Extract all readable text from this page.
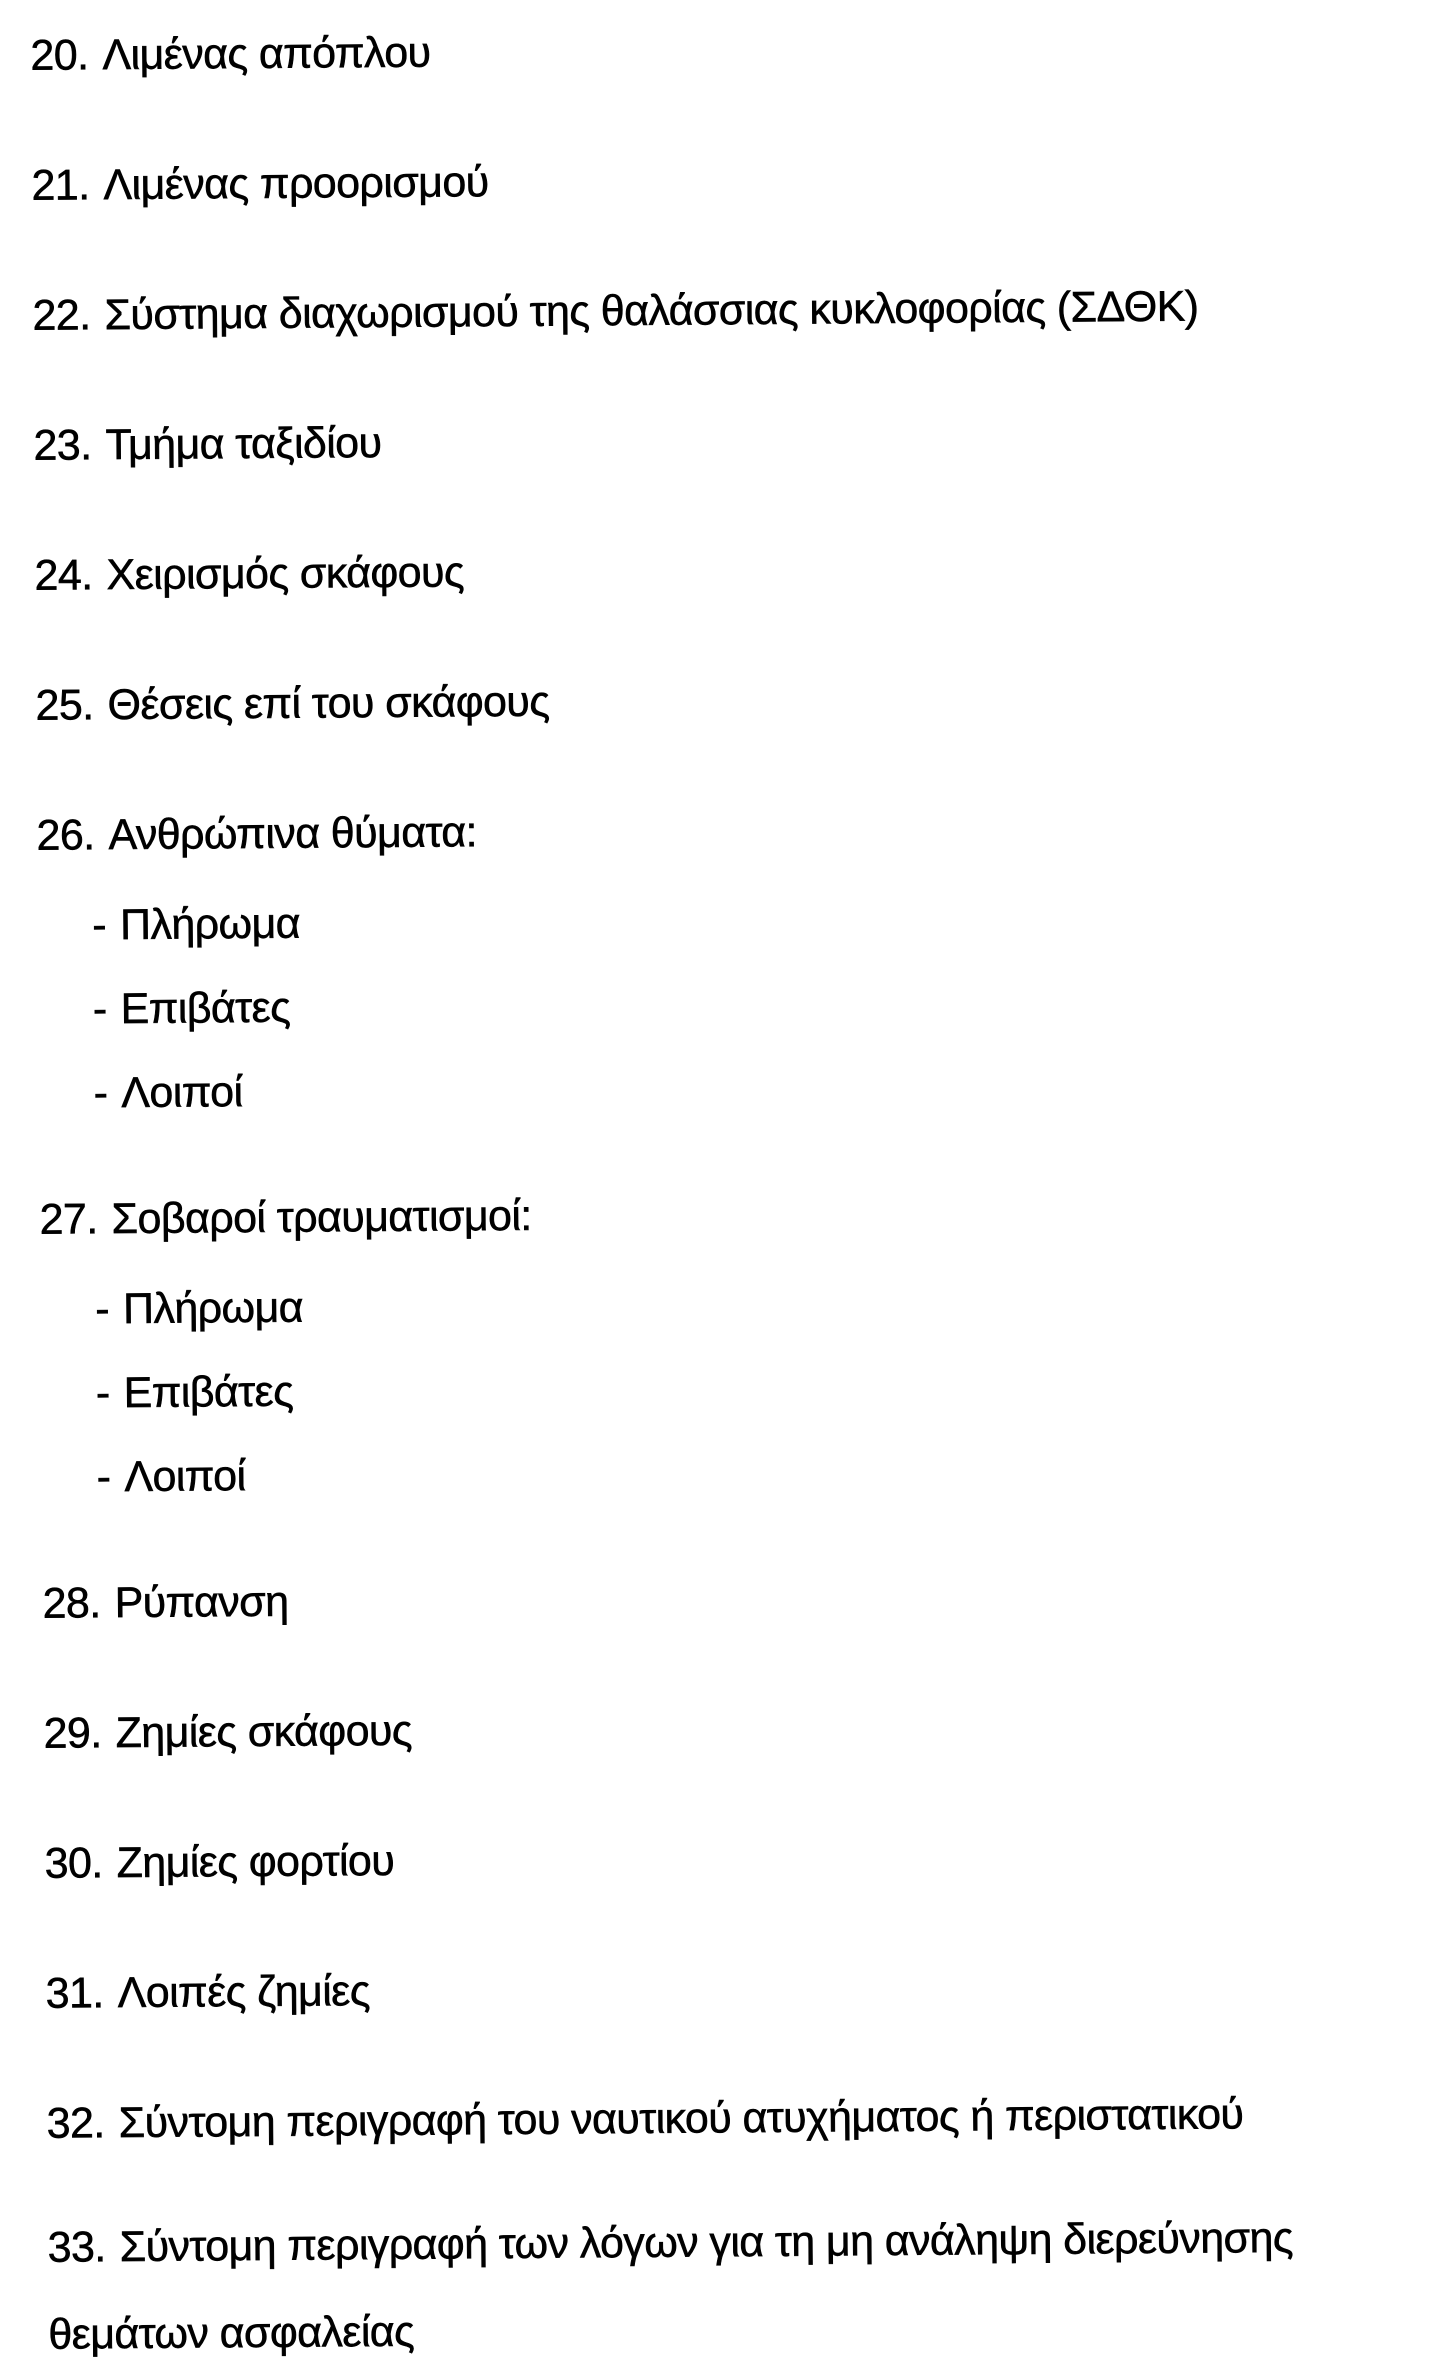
20. Λιμένας απόπλου
21. Λιμένας προορισμού
22. Σύστημα διαχωρισμού της θαλάσσιας κυκλοφορίας (ΣΔΘΚ)
23. Τμήμα ταξιδίου
24. Χειρισμός σκάφους
25. Θέσεις επί του σκάφους
26. Ανθρώπινα θύματα:
- Πλήρωμα
- Επιβάτες
- Λοιποί
27. Σοβαροί τραυματισμοί:
- Πλήρωμα
- Επιβάτες
- Λοιποί
28. Ρύπανση
29. Ζημίες σκάφους
30. Ζημίες φορτίου
31. Λοιπές ζημίες
32. Σύντομη περιγραφή του ναυτικού ατυχήματος ή περιστατικού
33. Σύντομη περιγραφή των λόγων για τη μη ανάληψη διερεύνησης θεμάτων ασφαλείας
